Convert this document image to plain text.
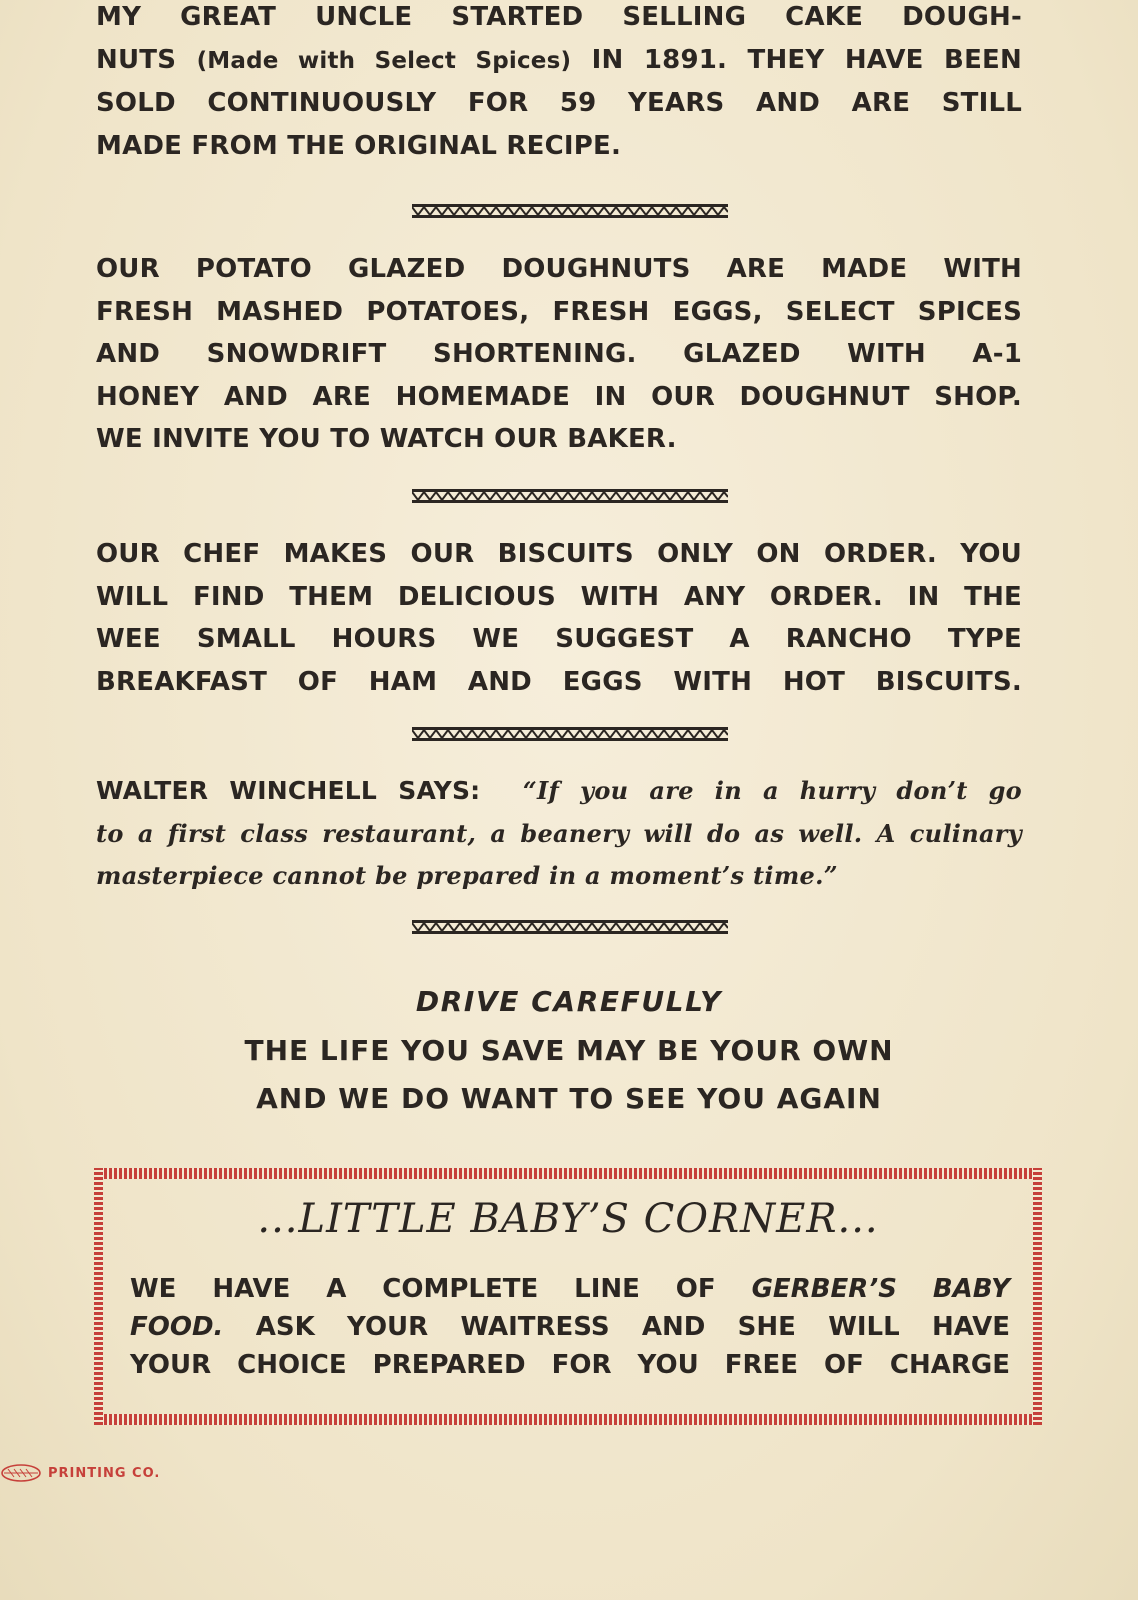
MY GREAT UNCLE STARTED SELLING CAKE DOUGH-
NUTS (Made with Select Spices) IN 1891. THEY HAVE BEEN
SOLD CONTINUOUSLY FOR 59 YEARS AND ARE STILL
MADE FROM THE ORIGINAL RECIPE.
OUR POTATO GLAZED DOUGHNUTS ARE MADE WITH
FRESH MASHED POTATOES, FRESH EGGS, SELECT SPICES
AND SNOWDRIFT SHORTENING. GLAZED WITH A-1
HONEY AND ARE HOMEMADE IN OUR DOUGHNUT SHOP.
WE INVITE YOU TO WATCH OUR BAKER.
OUR CHEF MAKES OUR BISCUITS ONLY ON ORDER. YOU
WILL FIND THEM DELICIOUS WITH ANY ORDER. IN THE
WEE SMALL HOURS WE SUGGEST A RANCHO TYPE
BREAKFAST OF HAM AND EGGS WITH HOT BISCUITS.
WALTER WINCHELL SAYS: “If you are in a hurry don’t go
to a first class restaurant, a beanery will do as well. A culinary
masterpiece cannot be prepared in a moment’s time.”

DRIVE CAREFULLY

THE LIFE YOU SAVE MAY BE YOUR OWN

AND WE DO WANT TO SEE YOU AGAIN

...LITTLE BABY’S CORNER...

WE HAVE A COMPLETE LINE OF GERBER’S BABY
FOOD. ASK YOUR WAITRESS AND SHE WILL HAVE
YOUR CHOICE PREPARED FOR YOU FREE OF CHARGE
PRINTING CO.
